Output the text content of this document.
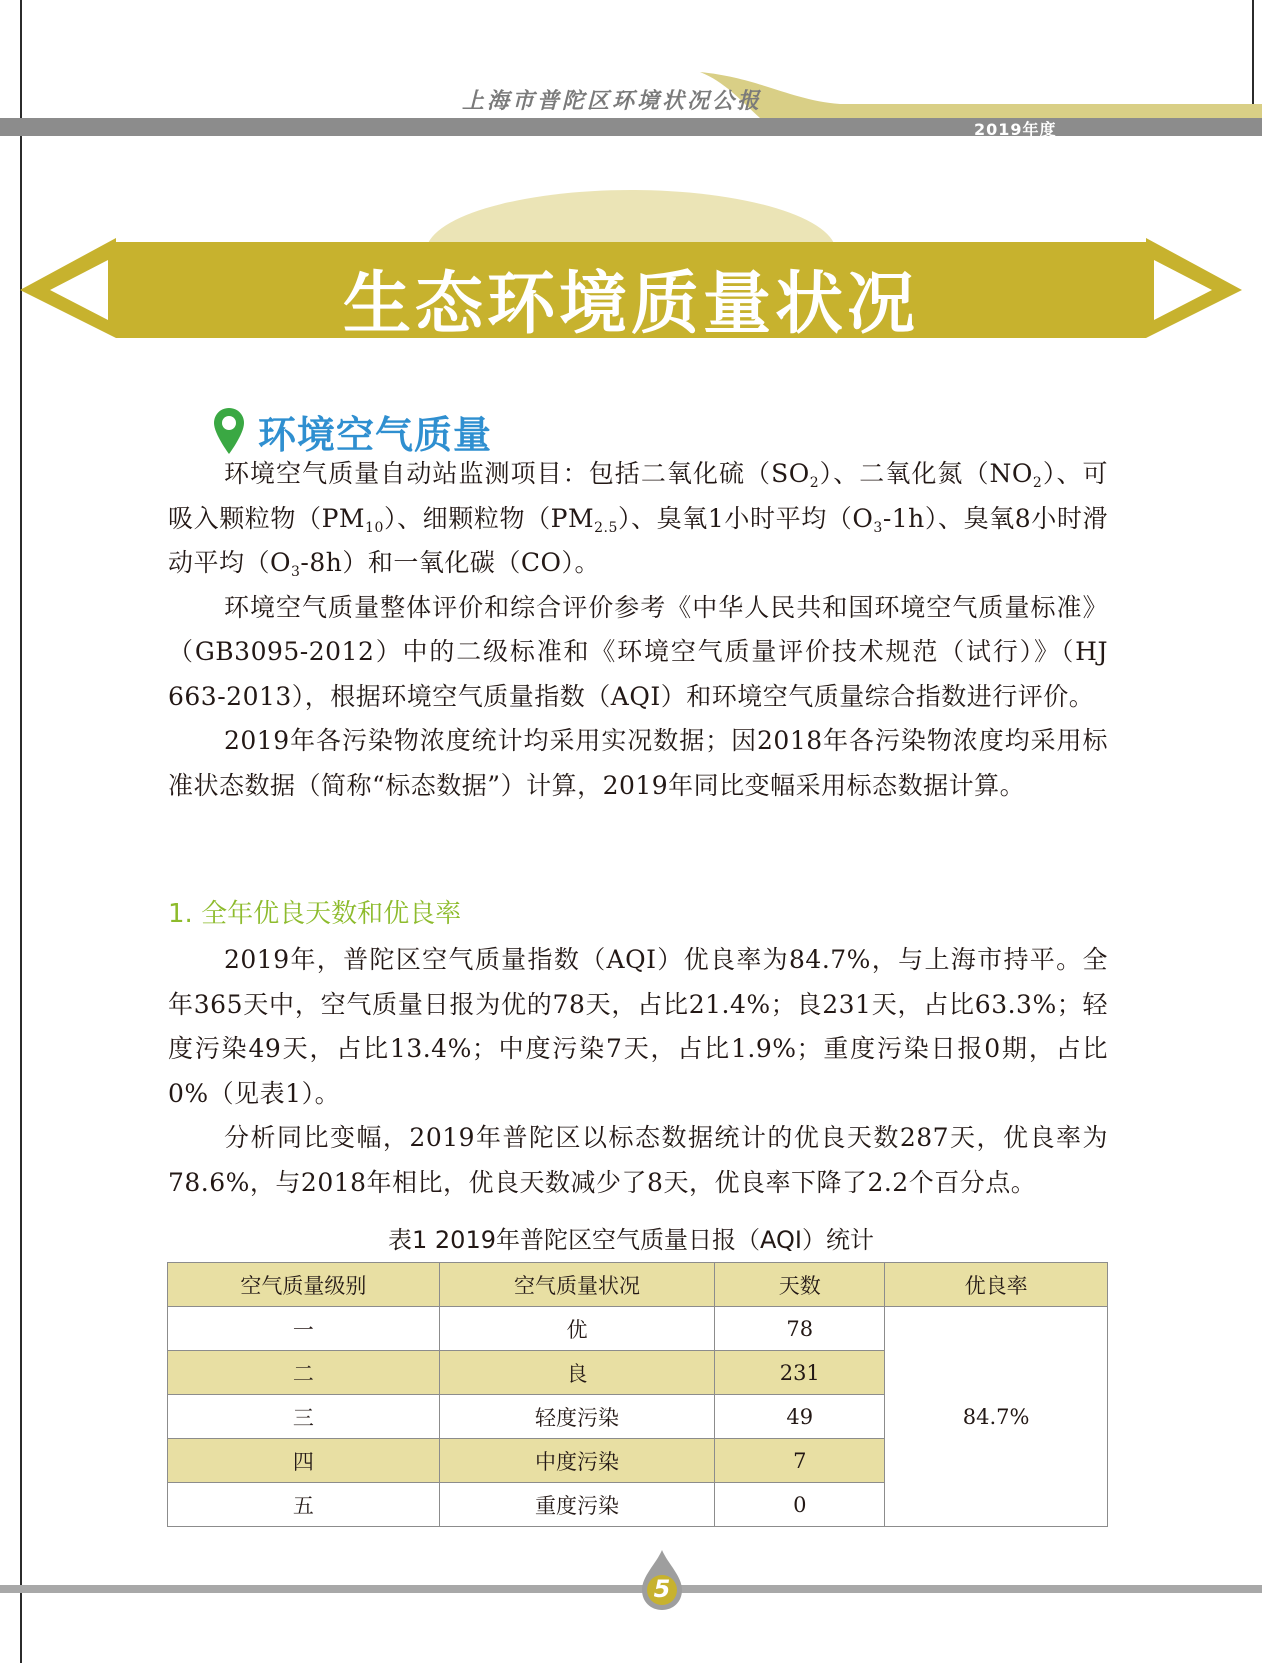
上海市普陀区环境状况公报
2019年度
生态环境质量状况
环境空气质量

环境空气质量自动站监测项目：包括二氧化硫$(SO_2)$、二氧化氮$(NO_2)$、可吸入颗粒物$(PM_{10})$、细颗粒物$(PM_{2.5})$、臭氧1小时平均$(O_3-1h)$、臭氧8小时滑动平均$(O_3-8h)$和一氧化碳（CO）。

环境空气质量整体评价和综合评价参考《中华人民共和国环境空气质量标准》（GB3095-2012）中的二级标准和《环境空气质量评价技术规范（试行）》（HJ 663-2013），根据环境空气质量指数（AQI）和环境空气质量综合指数进行评价。

2019年各污染物浓度统计均采用实况数据；因2018年各污染物浓度均采用标准状态数据（简称“标态数据”）计算，2019年同比变幅采用标态数据计算。

1. 全年优良天数和优良率

2019年，普陀区空气质量指数（AQI）优良率为84.7%，与上海市持平。全年365天中，空气质量日报为优的78天，占比21.4%；良231天，占比63.3%；轻度污染49天，占比13.4%；中度污染7天，占比1.9%；重度污染日报0期，占比0%（见表1）。

分析同比变幅，2019年普陀区以标态数据统计的优良天数287天，优良率为78.6%，与2018年相比，优良天数减少了8天，优良率下降了2.2个百分点。

表1 2019年普陀区空气质量日报（AQI）统计
空气质量级别	空气质量状况	天数	优良率
一	优	78	84.7%
二	良	231	
三	轻度污染	49	
四	中度污染	7	
五	重度污染	0	
5
